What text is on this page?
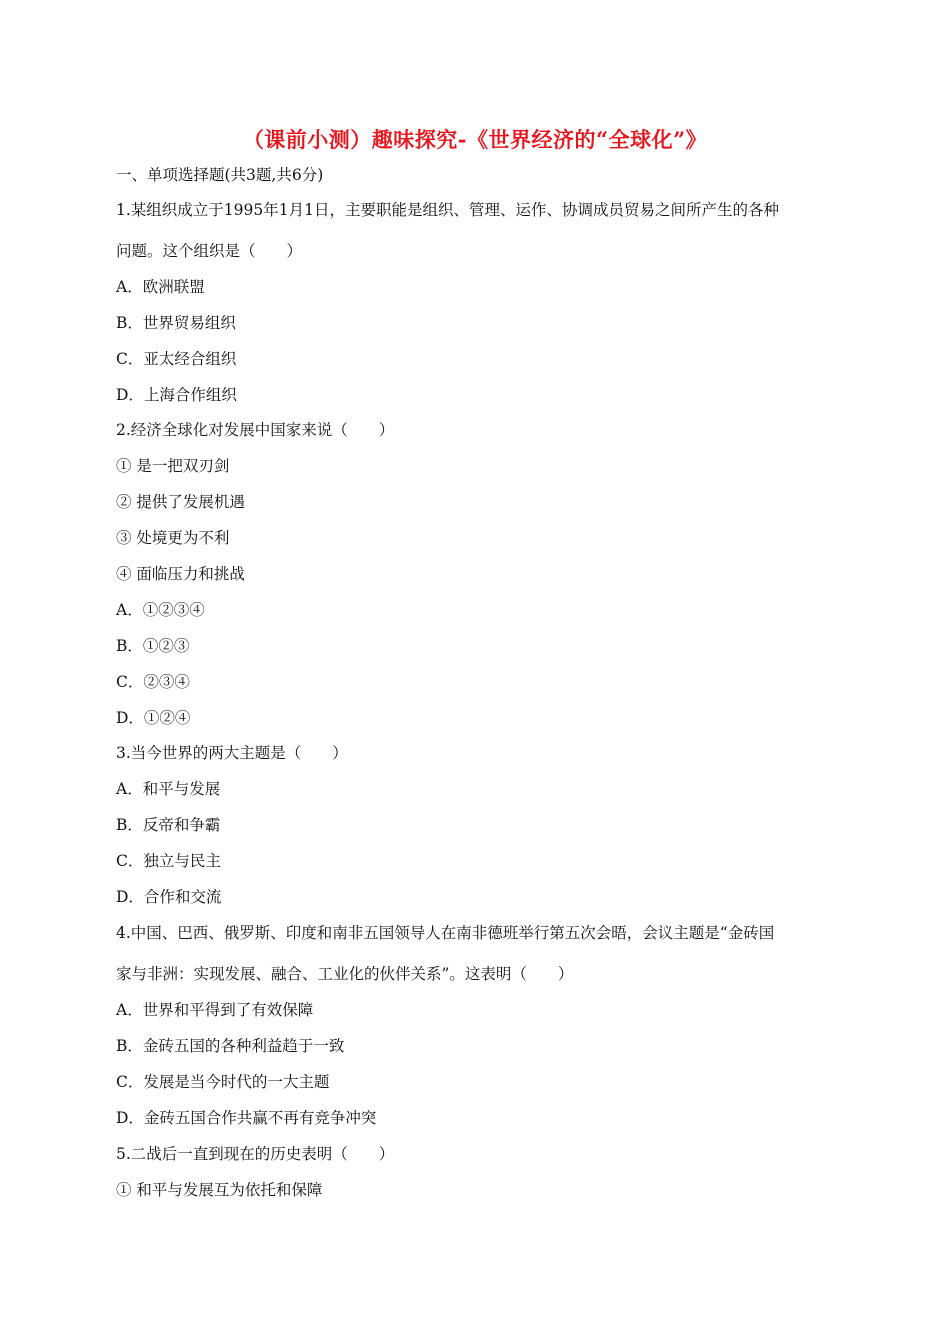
（课前小测）趣味探究-《世界经济的“全球化”》
一、单项选择题(共3题,共6分)
1.某组织成立于1995年1月1日，主要职能是组织、管理、运作、协调成员贸易之间所产生的各种
问题。这个组织是（　　）
A．欧洲联盟
B．世界贸易组织
C．亚太经合组织
D．上海合作组织
2.经济全球化对发展中国家来说（　　）
① 是一把双刃剑
② 提供了发展机遇
③ 处境更为不利
④ 面临压力和挑战
A．①②③④
B．①②③
C．②③④
D．①②④
3.当今世界的两大主题是（　　）
A．和平与发展
B．反帝和争霸
C．独立与民主
D．合作和交流
4.中国、巴西、俄罗斯、印度和南非五国领导人在南非德班举行第五次会晤，会议主题是“金砖国
家与非洲：实现发展、融合、工业化的伙伴关系”。这表明（　　）
A．世界和平得到了有效保障
B．金砖五国的各种利益趋于一致
C．发展是当今时代的一大主题
D．金砖五国合作共赢不再有竞争冲突
5.二战后一直到现在的历史表明（　　）
① 和平与发展互为依托和保障
